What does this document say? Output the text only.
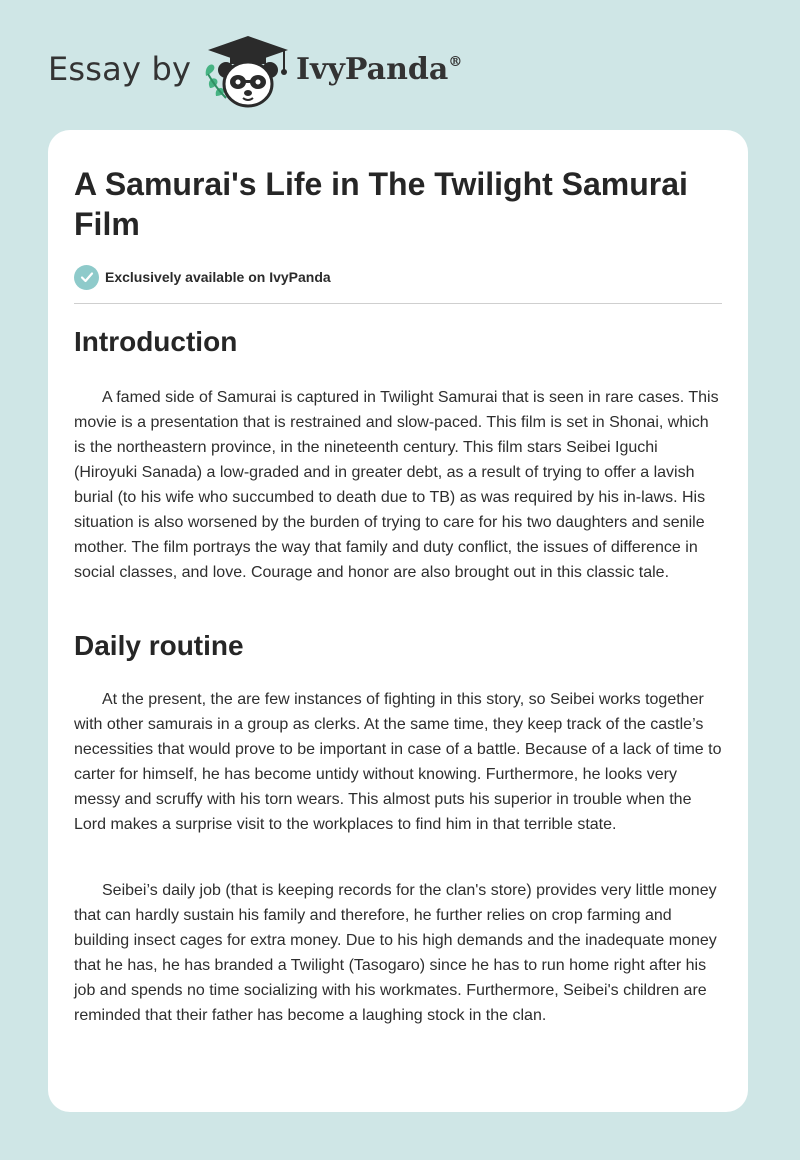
Essay by	IvyPanda®
A Samurai's Life in The Twilight Samurai Film
Exclusively available on IvyPanda
Introduction

A famed side of Samurai is captured in Twilight Samurai that is seen in rare cases. This movie is a presentation that is restrained and slow-paced. This film is set in Shonai, which is the northeastern province, in the nineteenth century. This film stars Seibei Iguchi (Hiroyuki Sanada) a low-graded and in greater debt, as a result of trying to offer a lavish burial (to his wife who succumbed to death due to TB) as was required by his in-laws. His situation is also worsened by the burden of trying to care for his two daughters and senile mother. The film portrays the way that family and duty conflict, the issues of difference in social classes, and love. Courage and honor are also brought out in this classic tale.

Daily routine

At the present, the are few instances of fighting in this story, so Seibei works together with other samurais in a group as clerks. At the same time, they keep track of the castle’s necessities that would prove to be important in case of a battle. Because of a lack of time to carter for himself, he has become untidy without knowing. Furthermore, he looks very messy and scruffy with his torn wears. This almost puts his superior in trouble when the Lord makes a surprise visit to the workplaces to find him in that terrible state.

Seibei’s daily job (that is keeping records for the clan's store) provides very little money that can hardly sustain his family and therefore, he further relies on crop farming and building insect cages for extra money. Due to his high demands and the inadequate money that he has, he has branded a Twilight (Tasogaro) since he has to run home right after his job and spends no time socializing with his workmates. Furthermore, Seibei's children are reminded that their father has become a laughing stock in the clan.
